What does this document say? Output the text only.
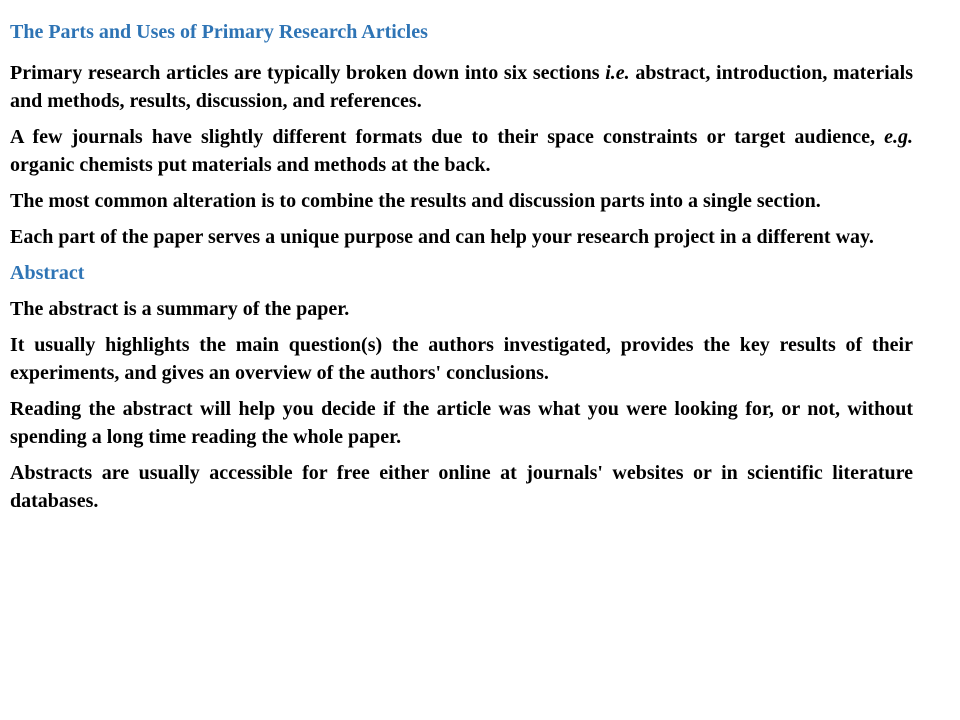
The Parts and Uses of Primary Research Articles

Primary research articles are typically broken down into six sections i.e. abstract, introduction, materials and methods, results, discussion, and references.

A few journals have slightly different formats due to their space constraints or target audience, e.g. organic chemists put materials and methods at the back.

The most common alteration is to combine the results and discussion parts into a single section.

Each part of the paper serves a unique purpose and can help your research project in a different way.

Abstract

The abstract is a summary of the paper.

It usually highlights the main question(s) the authors investigated, provides the key results of their experiments, and gives an overview of the authors' conclusions.

Reading the abstract will help you decide if the article was what you were looking for, or not, without spending a long time reading the whole paper.

Abstracts are usually accessible for free either online at journals' websites or in scientific literature databases.
